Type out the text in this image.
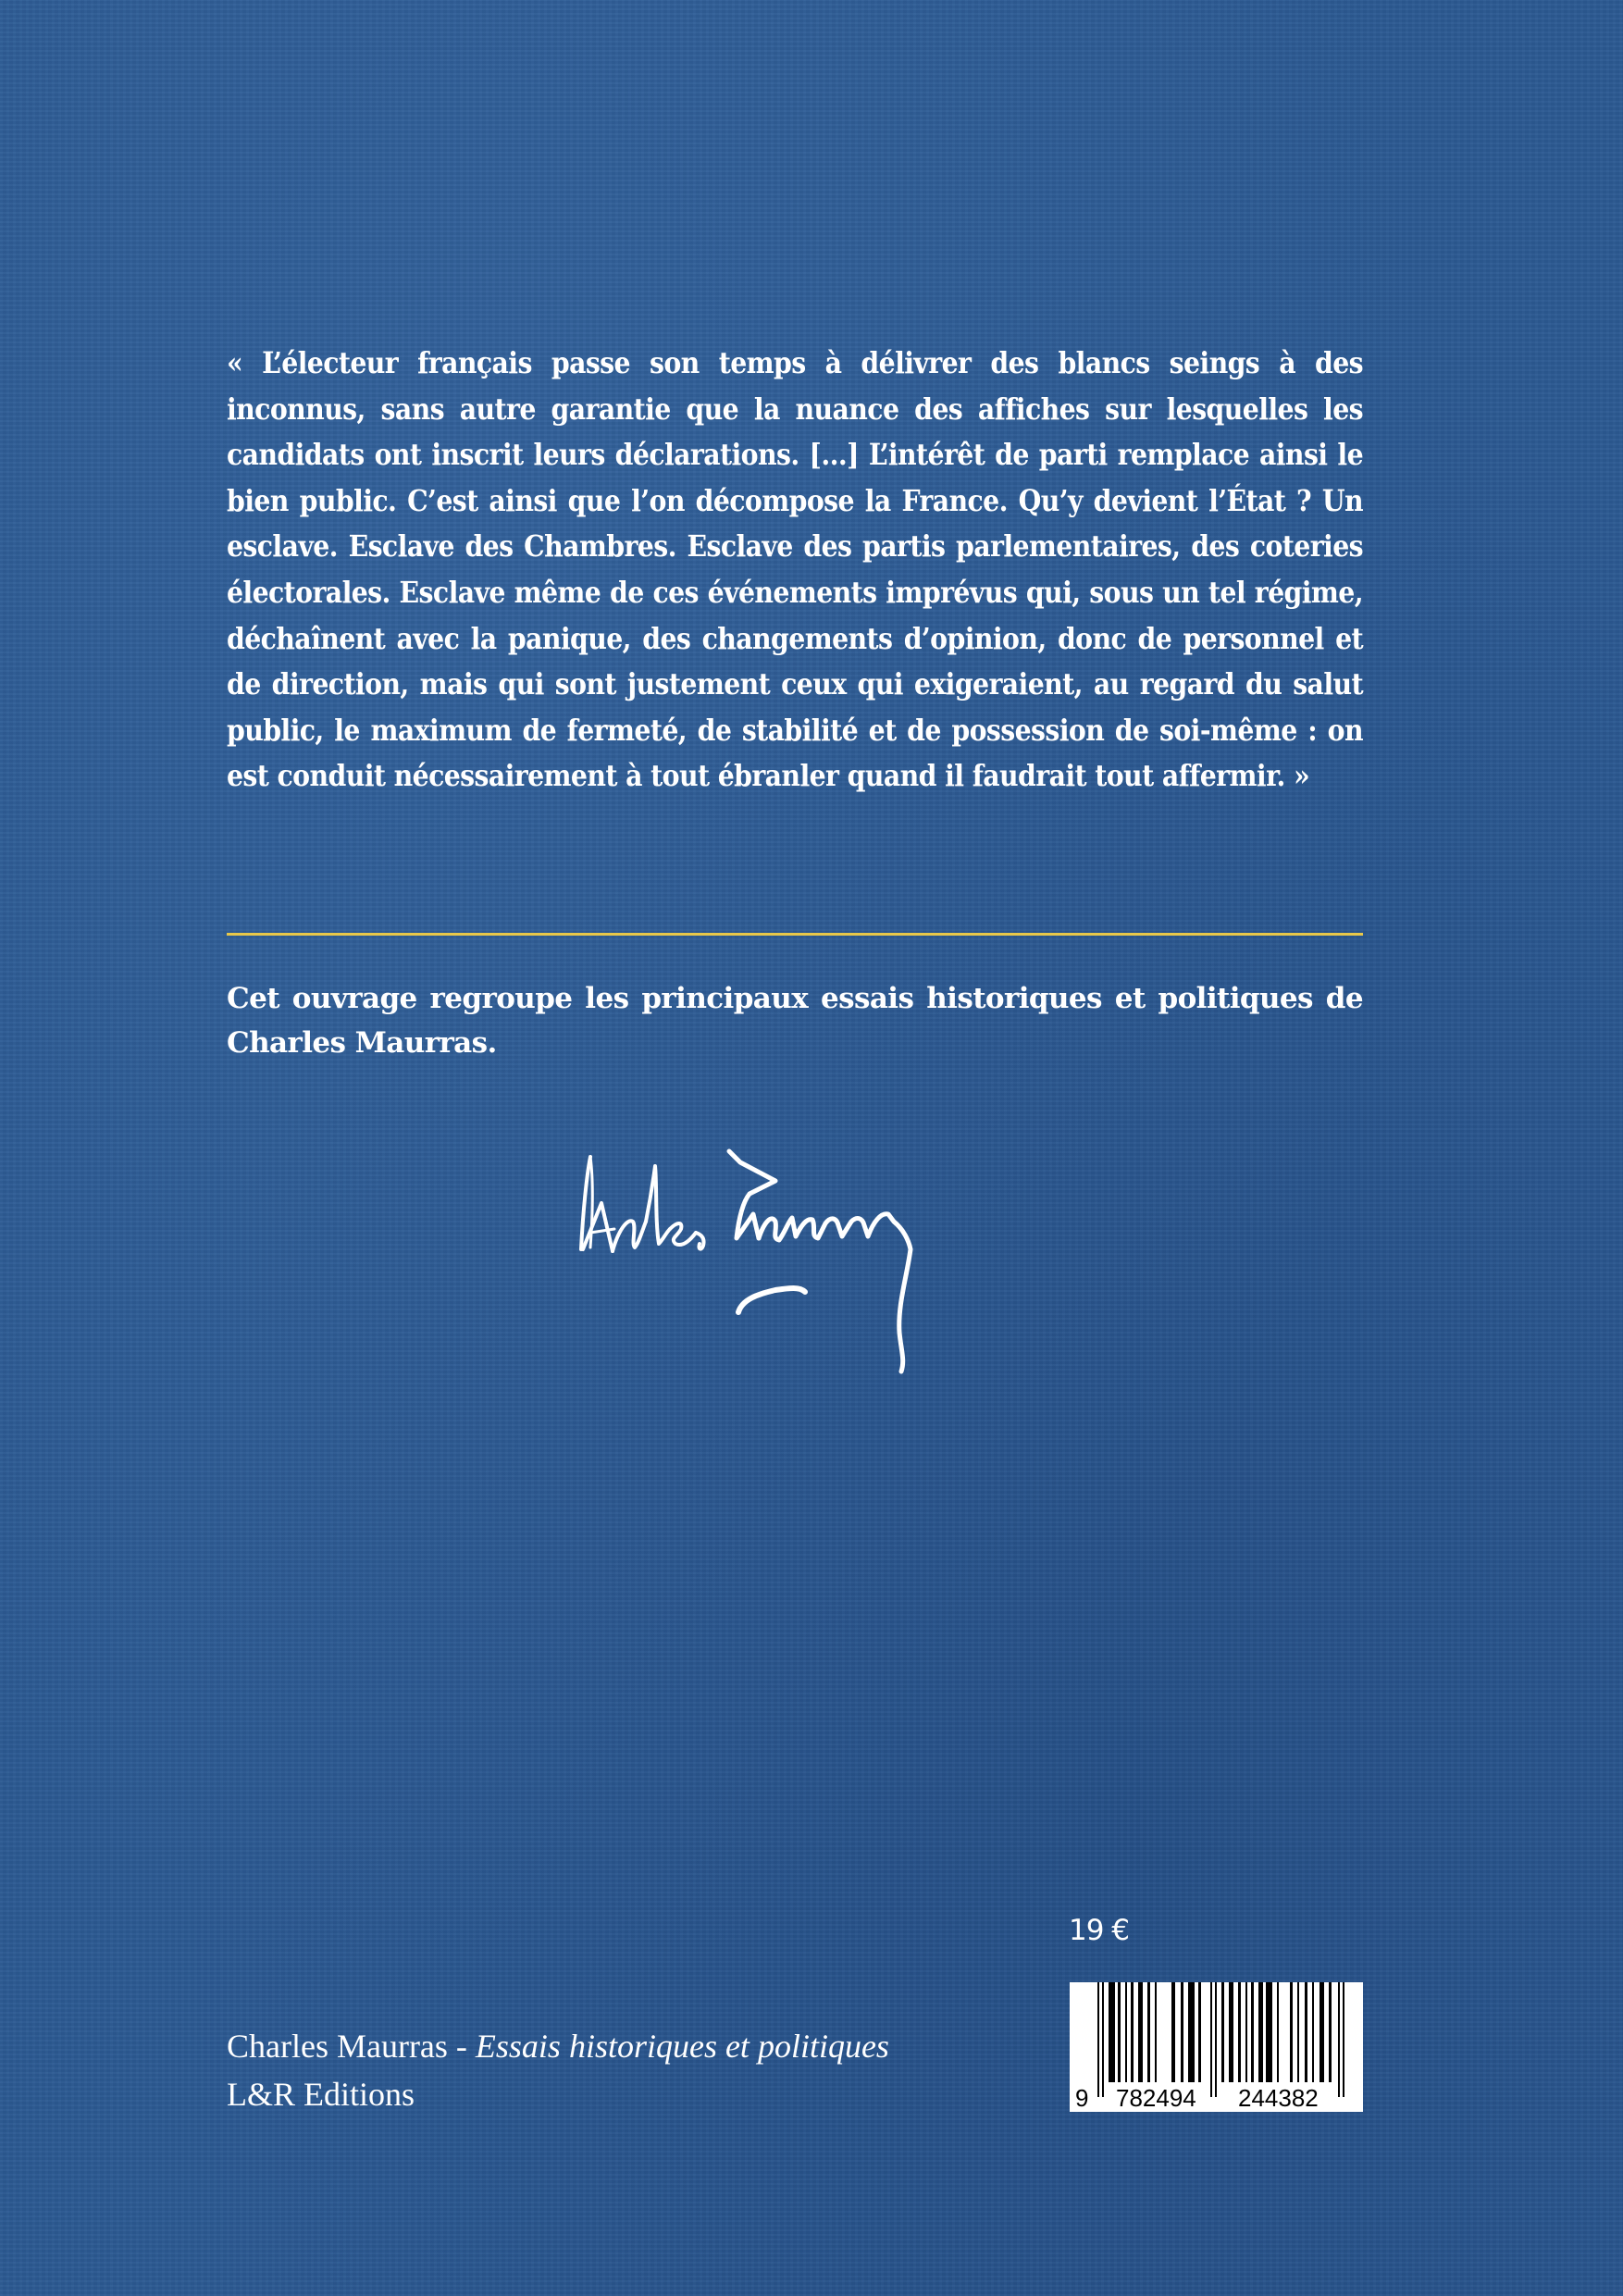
« L’électeur français passe son temps à délivrer des blancs seings à des inconnus, sans autre garantie que la nuance des affiches sur lesquelles les candidats ont inscrit leurs déclarations. […] L’intérêt de parti remplace ainsi le bien public. C’est ainsi que l’on décompose la France. Qu’y devient l’État ? Un esclave. Esclave des Chambres. Esclave des partis parlementaires, des coteries électorales. Esclave même de ces événements imprévus qui, sous un tel régime, déchaînent avec la panique, des changements d’opinion, donc de personnel et de direction, mais qui sont justement ceux qui exigeraient, au regard du salut public, le maximum de fermeté, de stabilité et de possession de soi-même : on est conduit nécessairement à tout ébranler quand il faudrait tout affermir. »
Cet ouvrage regroupe les principaux essais historiques et politiques de Charles Maurras.
19 €
9 782494 244382
Charles Maurras - Essais historiques et politiques
L&R Editions
